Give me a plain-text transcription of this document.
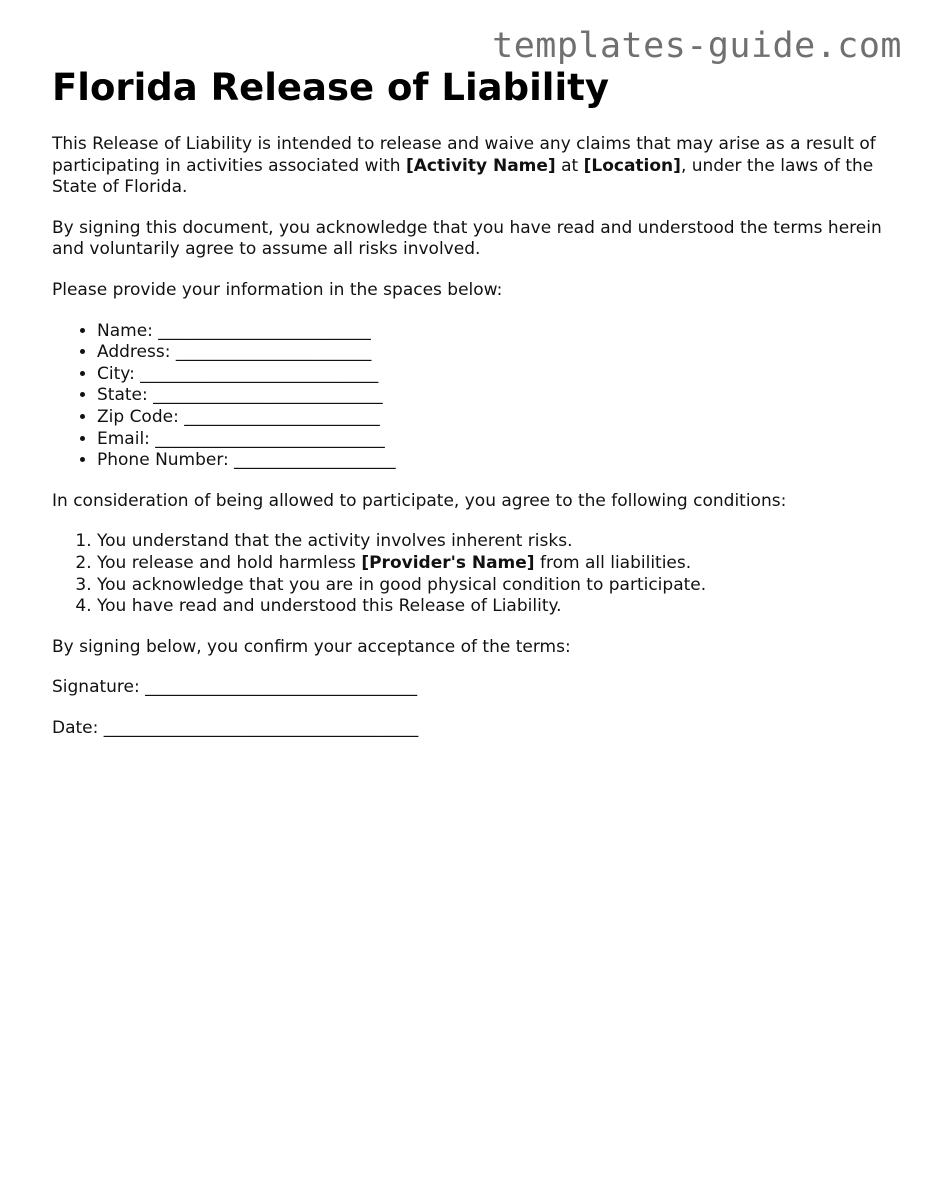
templates-guide.com
Florida Release of Liability

This Release of Liability is intended to release and waive any claims that may arise as a result of participating in activities associated with [Activity Name] at [Location], under the laws of the State of Florida.

By signing this document, you acknowledge that you have read and understood the terms herein and voluntarily agree to assume all risks involved.

Please provide your information in the spaces below:

• Name: _________________________
• Address: _______________________
• City: ____________________________
• State: ___________________________
• Zip Code: _______________________
• Email: ___________________________
• Phone Number: ___________________

In consideration of being allowed to participate, you agree to the following conditions:

1. You understand that the activity involves inherent risks.
2. You release and hold harmless [Provider's Name] from all liabilities.
3. You acknowledge that you are in good physical condition to participate.
4. You have read and understood this Release of Liability.

By signing below, you confirm your acceptance of the terms:

Signature: ________________________________

Date: _____________________________________
